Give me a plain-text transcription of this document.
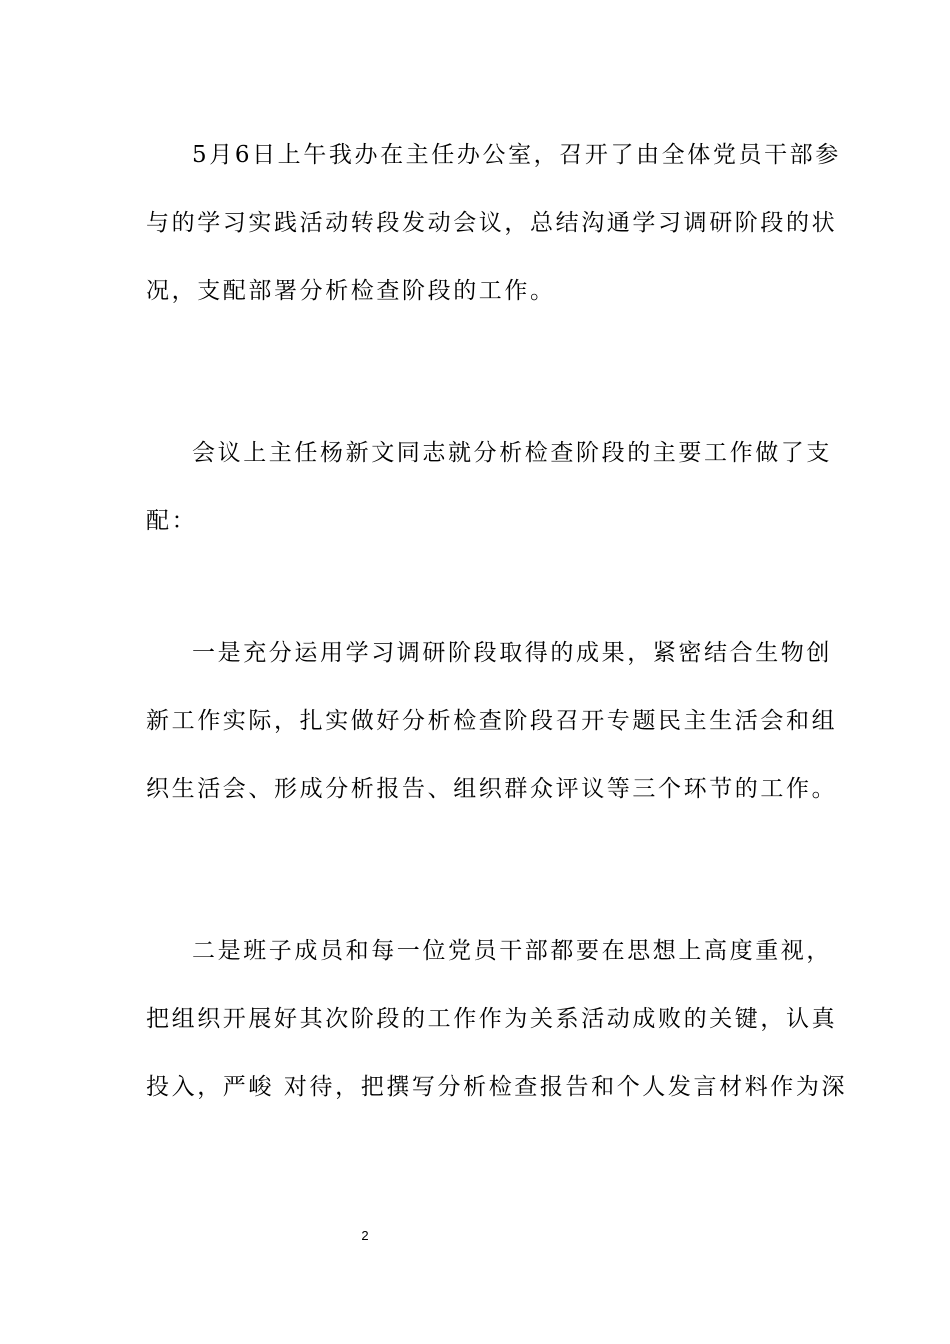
5月6日上午我办在主任办公室，召开了由全体党员干部参
与的学习实践活动转段发动会议，总结沟通学习调研阶段的状
况，支配部署分析检查阶段的工作。
会议上主任杨新文同志就分析检查阶段的主要工作做了支
配：
一是充分运用学习调研阶段取得的成果，紧密结合生物创
新工作实际，扎实做好分析检查阶段召开专题民主生活会和组
织生活会、形成分析报告、组织群众评议等三个环节的工作。
二是班子成员和每一位党员干部都要在思想上高度重视，
把组织开展好其次阶段的工作作为关系活动成败的关键，认真
投入，严峻 对待，把撰写分析检查报告和个人发言材料作为深
2
